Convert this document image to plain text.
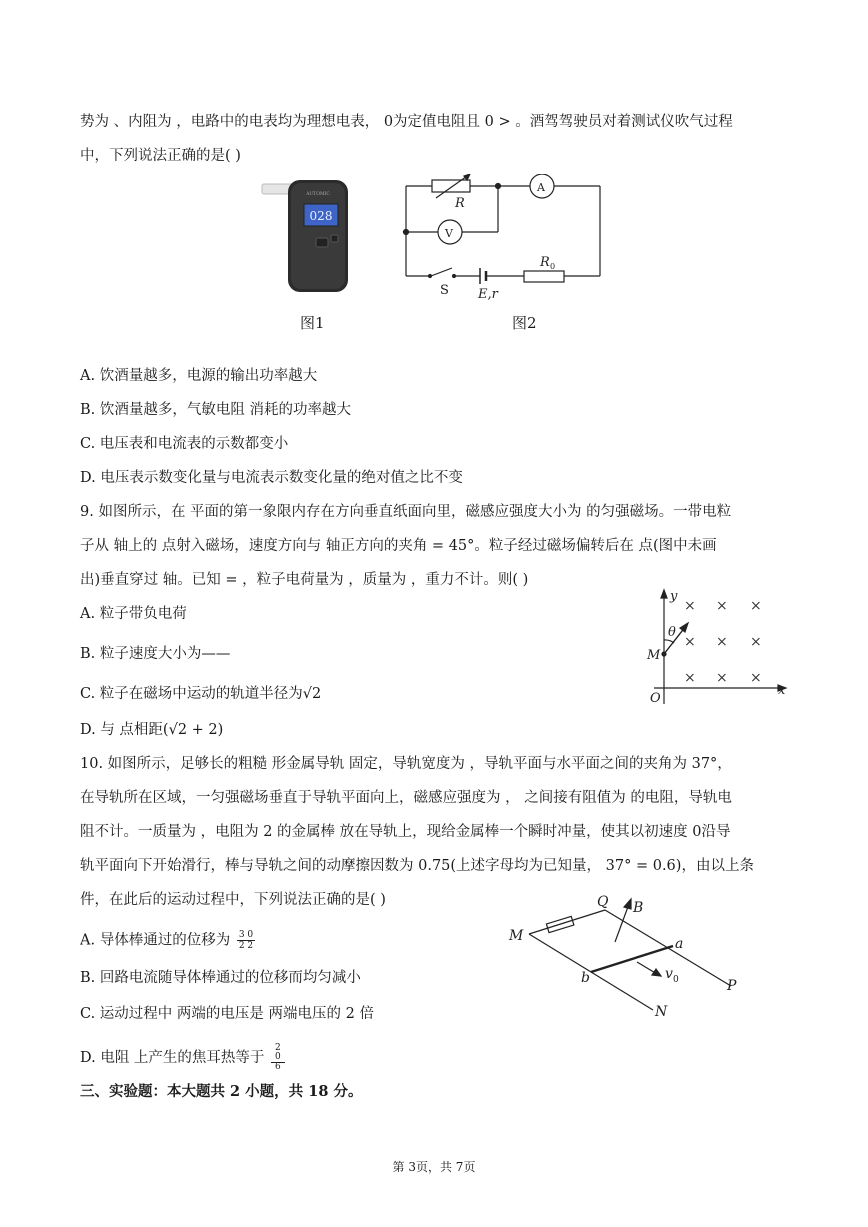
势为 、内阻为 ，电路中的电表均为理想电表， 0为定值电阻且 0 > 。酒驾驾驶员对着测试仪吹气过程
中，下列说法正确的是( )
AUTOMIC
028
图1
R
A
V
R 0
S E,r
图2
A. 饮酒量越多，电源的输出功率越大
B. 饮酒量越多，气敏电阻 消耗的功率越大
C. 电压表和电流表的示数都变小
D. 电压表示数变化量与电流表示数变化量的绝对值之比不变
9. 如图所示，在 平面的第一象限内存在方向垂直纸面向里，磁感应强度大小为 的匀强磁场。一带电粒
子从 轴上的 点射入磁场，速度方向与 轴正方向的夹角 = 45°。粒子经过磁场偏转后在 点(图中未画
出)垂直穿过 轴。已知 = ，粒子电荷量为 ，质量为 ，重力不计。则( )
A. 粒子带负电荷
B. 粒子速度大小为——
C. 粒子在磁场中运动的轨道半径为√2
D. 与 点相距(√2 + 2)
y
x
O
M
θ
× × ×
× × ×
× × ×
10. 如图所示，足够长的粗糙 形金属导轨 固定，导轨宽度为 ，导轨平面与水平面之间的夹角为 37°，
在导轨所在区域，一匀强磁场垂直于导轨平面向上，磁感应强度为 ， 之间接有阻值为 的电阻，导轨电
阻不计。一质量为 ，电阻为 2 的金属棒 放在导轨上，现给金属棒一个瞬时冲量，使其以初速度 0沿导
轨平面向下开始滑行，棒与导轨之间的动摩擦因数为 0.75(上述字母均为已知量， 37° = 0.6)，由以上条
件，在此后的运动过程中，下列说法正确的是( )
A. 导体棒通过的位移为 $\frac{3 0}{2 2}$
B. 回路电流随导体棒通过的位移而均匀减小
C. 运动过程中 两端的电压是 两端电压的 2 倍
D. 电阻 上产生的焦耳热等于
2
0
6
M
Q B
a
b	v 0	P
N
三、实验题：本大题共 2 小题，共 18 分。
第 3页，共 7页
